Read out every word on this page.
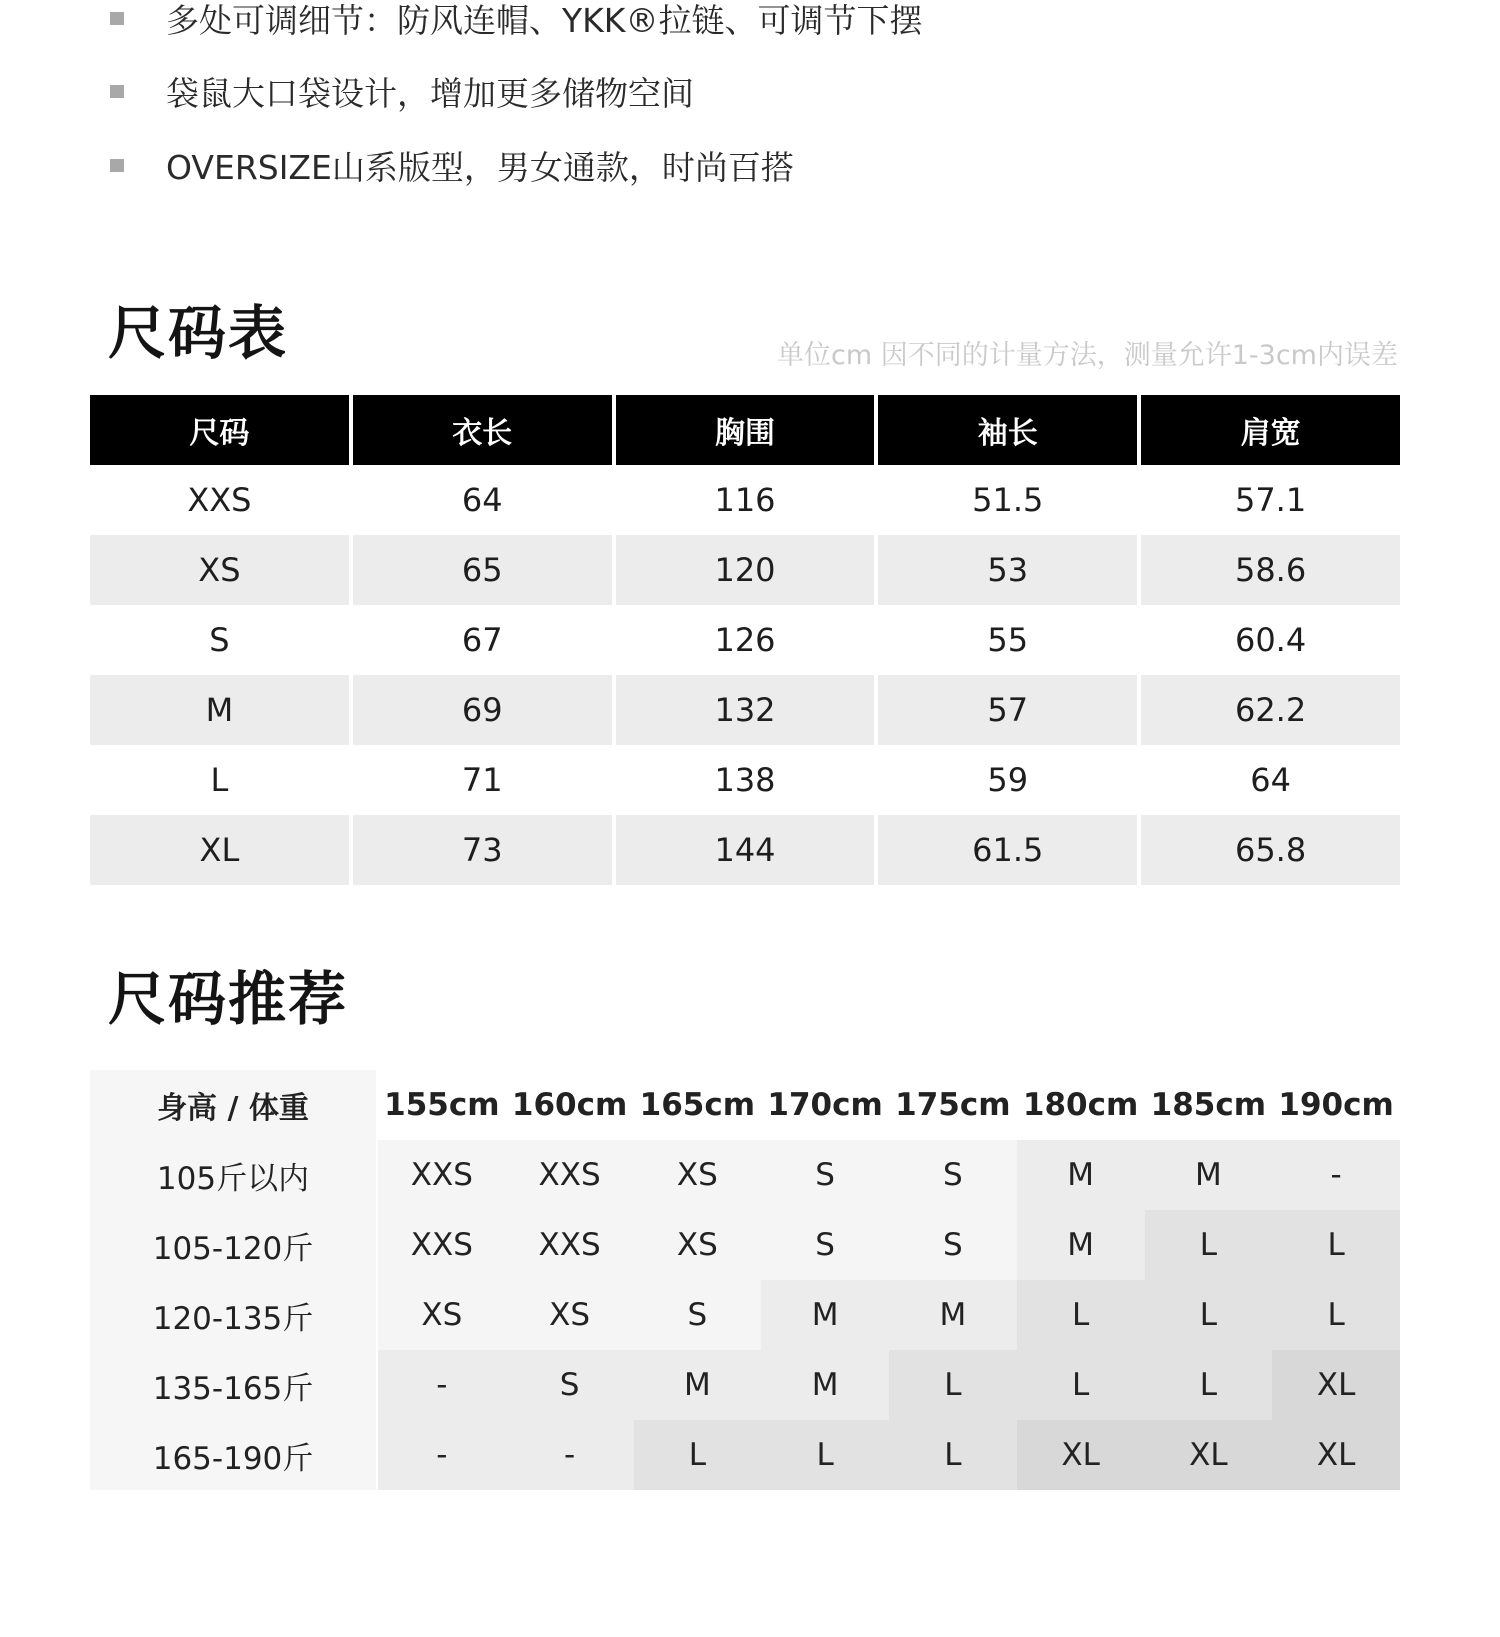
多处可调细节：防风连帽、YKK®拉链、可调节下摆
袋鼠大口袋设计，增加更多储物空间
OVERSIZE山系版型，男女通款，时尚百搭
尺码表	单位cm 因不同的计量方法，测量允许1-3cm内误差
尺码	衣长	胸围	袖长	肩宽
XXS	64	116	51.5	57.1
XS	65	120	53	58.6
S	67	126	55	60.4
M	69	132	57	62.2
L	71	138	59	64
XL	73	144	61.5	65.8
尺码推荐
身高 / 体重	155cm 160cm 165cm 170cm 175cm 180cm 185cm 190cm
105斤以内	XXS	XXS	XS	S	S	M	M	-
105-120斤	XXS	XXS	XS	S	S	M	L	L
120-135斤	XS	XS	S	M	M	L	L	L
135-165斤	-	S	M	M	L	L	L	XL
165-190斤	-	-	L	L	L	XL	XL	XL
